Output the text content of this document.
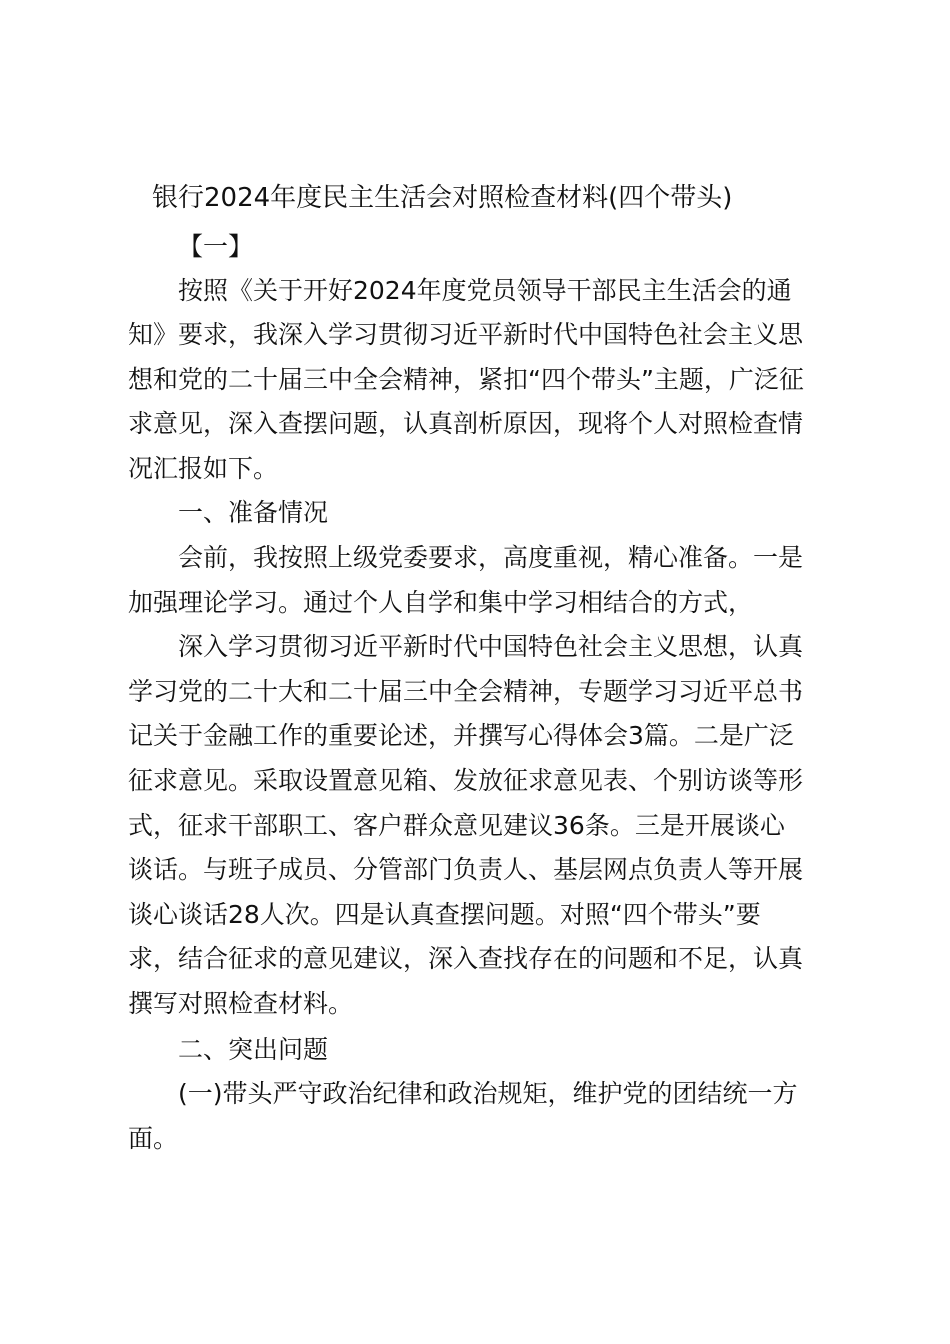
银行2024年度民主生活会对照检查材料(四个带头)
【一】
按照《关于开好2024年度党员领导干部民主生活会的通
知》要求，我深入学习贯彻习近平新时代中国特色社会主义思
想和党的二十届三中全会精神，紧扣“四个带头”主题，广泛征
求意见，深入查摆问题，认真剖析原因，现将个人对照检查情
况汇报如下。
一、准备情况
会前，我按照上级党委要求，高度重视，精心准备。一是
加强理论学习。通过个人自学和集中学习相结合的方式，
深入学习贯彻习近平新时代中国特色社会主义思想，认真
学习党的二十大和二十届三中全会精神，专题学习习近平总书
记关于金融工作的重要论述，并撰写心得体会3篇。二是广泛
征求意见。采取设置意见箱、发放征求意见表、个别访谈等形
式，征求干部职工、客户群众意见建议36条。三是开展谈心
谈话。与班子成员、分管部门负责人、基层网点负责人等开展
谈心谈话28人次。四是认真查摆问题。对照“四个带头”要
求，结合征求的意见建议，深入查找存在的问题和不足，认真
撰写对照检查材料。
二、突出问题
(一)带头严守政治纪律和政治规矩，维护党的团结统一方
面。
